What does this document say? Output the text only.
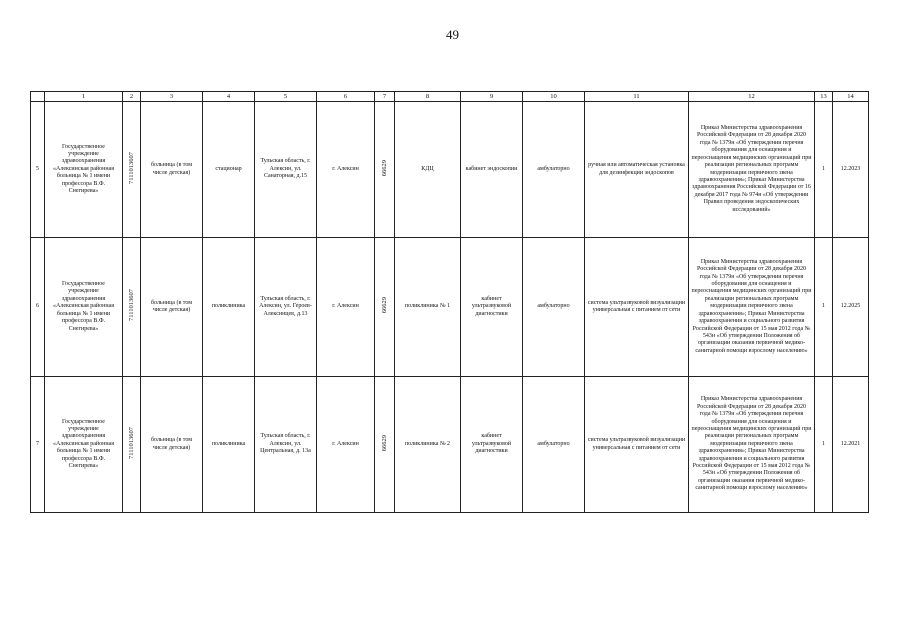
49
	1	2	3	4	5	6	7	8	9	10	11	12	13	14
5	Государственное учреждение здравоохранения «Алексинская районная больница № 1 имени профессора В.Ф. Снегирева»	7111013607	больница (в том числе детская)	стационар	Тульская область, г. Алексин, ул. Санаторная, д.15	г. Алексин	66629	КДЦ	кабинет эндоскопии	амбулаторно	ручная или автоматическая установка для дезинфекции эндоскопов	Приказ Министерства здравоохранения Российской Федерации от 28 декабря 2020 года № 1379н «Об утверждении перечня оборудования для оснащения и переоснащения медицинских организаций при реализации региональных программ модернизации первичного звена здравоохранения»; Приказ Министерства здравоохранения Российской Федерации от 16 декабря 2017 года № 974н «Об утверждении Правил проведения эндоскопических исследований»	1	12.2023
6	Государственное учреждение здравоохранения «Алексинская районная больница № 1 имени профессора В.Ф. Снегирева»	7111013607	больница (в том числе детская)	поликлиника	Тульская область, г. Алексин, ул. Героев-Алексинцев, д.13	г. Алексин	66629	поликлиника № 1	кабинет ультразвуковой диагностики	амбулаторно	система ультразвуковой визуализации универсальная с питанием от сети	Приказ Министерства здравоохранения Российской Федерации от 28 декабря 2020 года № 1379н «Об утверждении перечня оборудования для оснащения и переоснащения медицинских организаций при реализации региональных программ модернизации первичного звена здравоохранения»; Приказ Министерства здравоохранения и социального развития Российской Федерации от 15 мая 2012 года № 543н «Об утверждении Положения об организации оказания первичной медико-санитарной помощи взрослому населению»	1	12.2025
7	Государственное учреждение здравоохранения «Алексинская районная больница № 1 имени профессора В.Ф. Снегирева»	7111013607	больница (в том числе детская)	поликлиника	Тульская область, г. Алексин, ул. Центральная, д. 13а	г. Алексин	66629	поликлиника № 2	кабинет ультразвуковой диагностики	амбулаторно	система ультразвуковой визуализации универсальная с питанием от сети	Приказ Министерства здравоохранения Российской Федерации от 28 декабря 2020 года № 1379н «Об утверждении перечня оборудования для оснащения и переоснащения медицинских организаций при реализации региональных программ модернизации первичного звена здравоохранения»; Приказ Министерства здравоохранения и социального развития Российской Федерации от 15 мая 2012 года № 543н «Об утверждении Положения об организации оказания первичной медико-санитарной помощи взрослому населению»	1	12.2021
